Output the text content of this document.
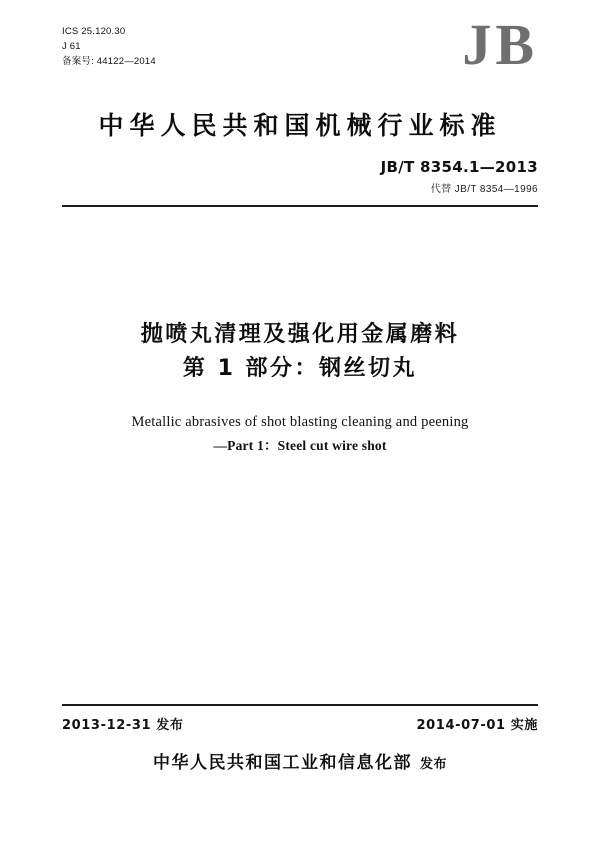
ICS 25.120.30
J 61
备案号: 44122—2014	JB
中华人民共和国机械行业标准
JB/T 8354.1—2013
代替 JB/T 8354—1996
抛喷丸清理及强化用金属磨料
第 1 部分：钢丝切丸
Metallic abrasives of shot blasting cleaning and peening
—Part 1：Steel cut wire shot
2013-12-31 发布	2014-07-01 实施
中华人民共和国工业和信息化部 发布
